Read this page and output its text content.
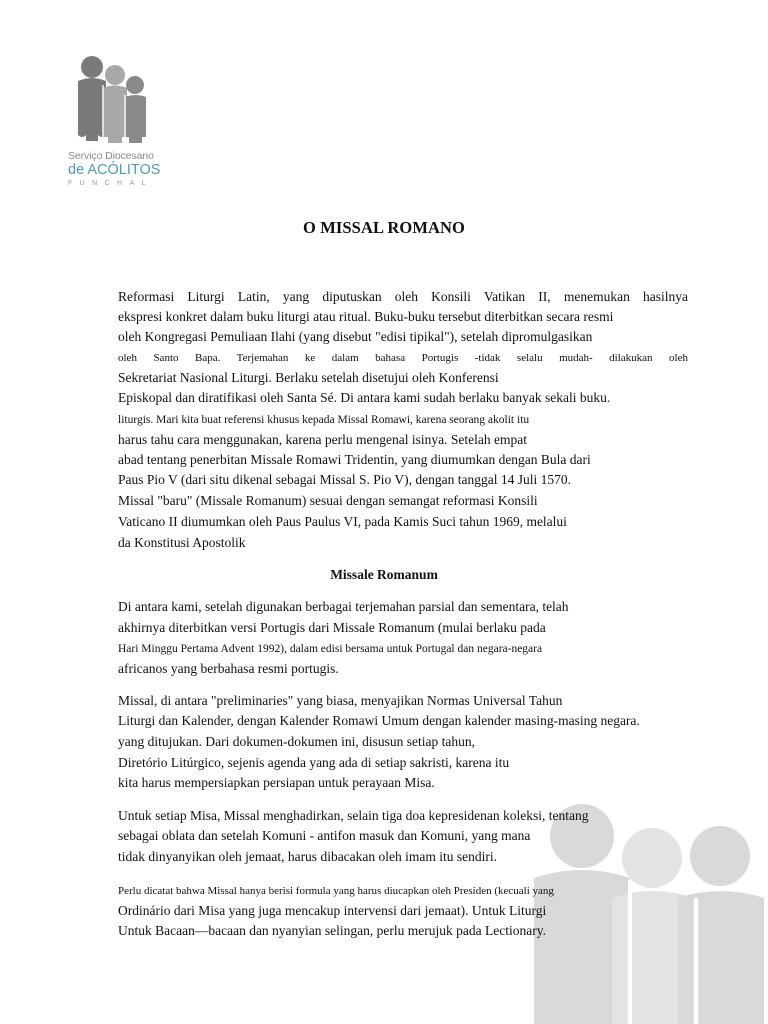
Serviço Diocesano
de ACÓLITOS
FUNCHAL
O MISSAL ROMANO
Reformasi Liturgi Latin, yang diputuskan oleh Konsili Vatikan II, menemukan hasilnya
ekspresi konkret dalam buku liturgi atau ritual. Buku-buku tersebut diterbitkan secara resmi
oleh Kongregasi Pemuliaan Ilahi (yang disebut "edisi tipikal"), setelah dipromulgasikan
oleh Santo Bapa. Terjemahan ke dalam bahasa Portugis -tidak selalu mudah- dilakukan oleh
Sekretariat Nasional Liturgi. Berlaku setelah disetujui oleh Konferensi
Episkopal dan diratifikasi oleh Santa Sé. Di antara kami sudah berlaku banyak sekali buku.
liturgis. Mari kita buat referensi khusus kepada Missal Romawi, karena seorang akolit itu
harus tahu cara menggunakan, karena perlu mengenal isinya. Setelah empat
abad tentang penerbitan Missale Romawi Tridentin, yang diumumkan dengan Bula dari
Paus Pio V (dari situ dikenal sebagai Missal S. Pio V), dengan tanggal 14 Juli 1570.
Missal "baru" (Missale Romanum) sesuai dengan semangat reformasi Konsili
Vaticano II diumumkan oleh Paus Paulus VI, pada Kamis Suci tahun 1969, melalui
da Konstitusi Apostolik
Missale Romanum
Di antara kami, setelah digunakan berbagai terjemahan parsial dan sementara, telah
akhirnya diterbitkan versi Portugis dari Missale Romanum (mulai berlaku pada
Hari Minggu Pertama Advent 1992), dalam edisi bersama untuk Portugal dan negara-negara
africanos yang berbahasa resmi portugis.
Missal, di antara "preliminaries" yang biasa, menyajikan Normas Universal Tahun
Liturgi dan Kalender, dengan Kalender Romawi Umum dengan kalender masing-masing negara.
yang ditujukan. Dari dokumen-dokumen ini, disusun setiap tahun,
Diretório Litúrgico, sejenis agenda yang ada di setiap sakristi, karena itu
kita harus mempersiapkan persiapan untuk perayaan Misa.
Untuk setiap Misa, Missal menghadirkan, selain tiga doa kepresidenan koleksi, tentang
sebagai oblata dan setelah Komuni - antifon masuk dan Komuni, yang mana
tidak dinyanyikan oleh jemaat, harus dibacakan oleh imam itu sendiri.
Perlu dicatat bahwa Missal hanya berisi formula yang harus diucapkan oleh Presiden (kecuali yang
Ordinário dari Misa yang juga mencakup intervensi dari jemaat). Untuk Liturgi
Untuk Bacaan—bacaan dan nyanyian selingan, perlu merujuk pada Lectionary.
